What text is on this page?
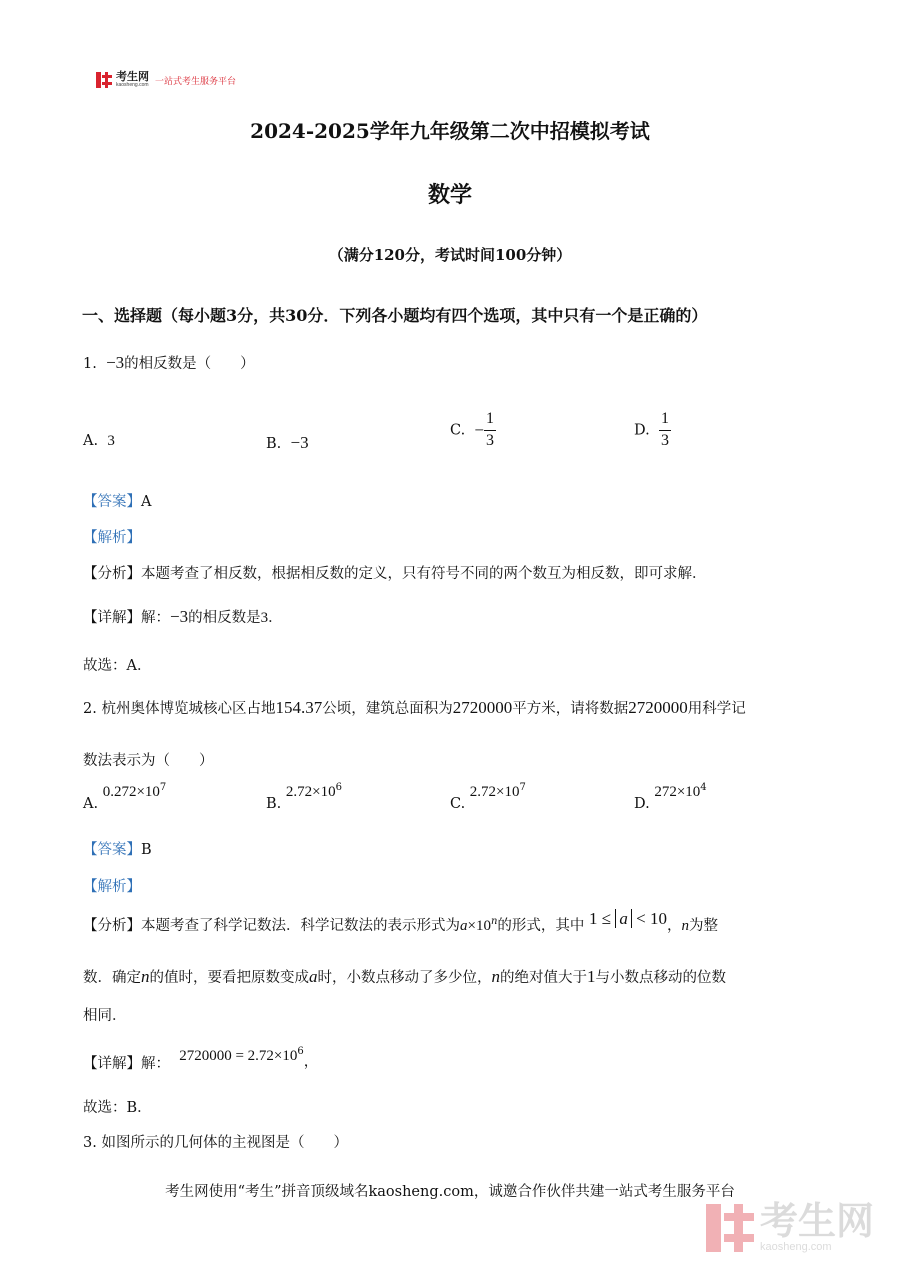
考生网
kaosheng.com 一站式考生服务平台
2024-2025学年九年级第二次中招模拟考试
数学
（满分120分，考试时间100分钟）
一、选择题（每小题3分，共30分．下列各小题均有四个选项，其中只有一个是正确的）
1. −3的相反数是（　　）
A. 3	B. −3
C. − $\frac{1}{3}$	D. $\frac{1}{3}$
【答案】A
【解析】
【分析】本题考查了相反数，根据相反数的定义，只有符号不同的两个数互为相反数，即可求解．
【详解】解：−3的相反数是3．
故选：A．
2. 杭州奥体博览城核心区占地154.37公顷，建筑总面积为2720000平方米，请将数据2720000用科学记
数法表示为（　　）
A. $0.272\times 10^7$
B. $2.72\times 10^6$
C. $2.72\times 10^7$
D. $272\times 10^4$
【答案】B
【解析】
【分析】本题考查了科学记数法．科学记数法的表示形式为$a\times 10^n$的形式，其中 1 ≤ a < 10，n为整
数．确定n的值时，要看把原数变成a时，小数点移动了多少位，n的绝对值大于1与小数点移动的位数
相同．
【详解】解： $2720000 = 2.72\times 10^6$，
故选：B．
3. 如图所示的几何体的主视图是（　　）
考生网使用“考生”拼音顶级域名kaosheng.com，诚邀合作伙伴共建一站式考生服务平台
考生网
kaosheng.com
